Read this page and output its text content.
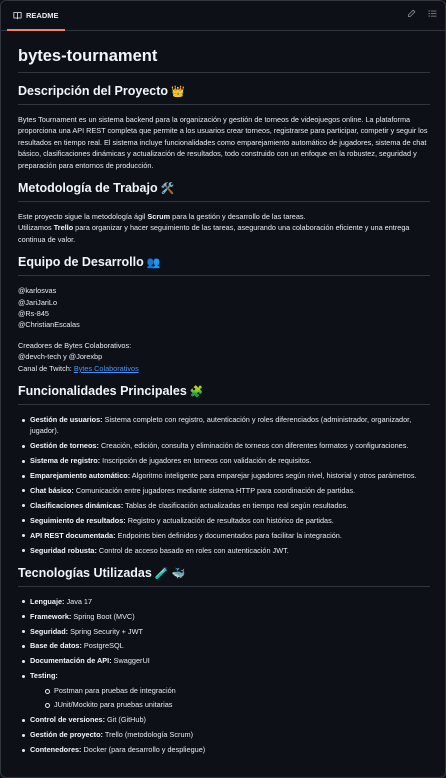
README
bytes-tournament
Descripción del Proyecto 👑

Bytes Tournament es un sistema backend para la organización y gestión de torneos de videojuegos online. La plataforma proporciona una API REST completa que permite a los usuarios crear torneos, registrarse para participar, competir y seguir los resultados en tiempo real. El sistema incluye funcionalidades como emparejamiento automático de jugadores, sistema de chat básico, clasificaciones dinámicas y actualización de resultados, todo construido con un enfoque en la robustez, seguridad y preparación para entornos de producción.

Metodología de Trabajo 🛠️

Este proyecto sigue la metodología ágil Scrum para la gestión y desarrollo de las tareas.
Utilizamos Trello para organizar y hacer seguimiento de las tareas, asegurando una colaboración eficiente y una entrega continua de valor.

Equipo de Desarrollo 👥

@karlosvas
@JariJariLo
@Rs-845
@ChristianEscalas

Creadores de Bytes Colaborativos:
@devch-tech y @Jorexbp
Canal de Twitch: Bytes Colaborativos

Funcionalidades Principales 🧩
Gestión de usuarios: Sistema completo con registro, autenticación y roles diferenciados (administrador, organizador, jugador).
Gestión de torneos: Creación, edición, consulta y eliminación de torneos con diferentes formatos y configuraciones.
Sistema de registro: Inscripción de jugadores en torneos con validación de requisitos.
Emparejamiento automático: Algoritmo inteligente para emparejar jugadores según nivel, historial y otros parámetros.
Chat básico: Comunicación entre jugadores mediante sistema HTTP para coordinación de partidas.
Clasificaciones dinámicas: Tablas de clasificación actualizadas en tiempo real según resultados.
Seguimiento de resultados: Registro y actualización de resultados con histórico de partidas.
API REST documentada: Endpoints bien definidos y documentados para facilitar la integración.
Seguridad robusta: Control de acceso basado en roles con autenticación JWT.
Tecnologías Utilizadas 🧪 🐳
Lenguaje: Java 17
Framework: Spring Boot (MVC)
Seguridad: Spring Security + JWT
Base de datos: PostgreSQL
Documentación de API: SwaggerUI
Testing:
Postman para pruebas de integración
JUnit/Mockito para pruebas unitarias
Control de versiones: Git (GitHub)
Gestión de proyecto: Trello (metodología Scrum)
Contenedores: Docker (para desarrollo y despliegue)
